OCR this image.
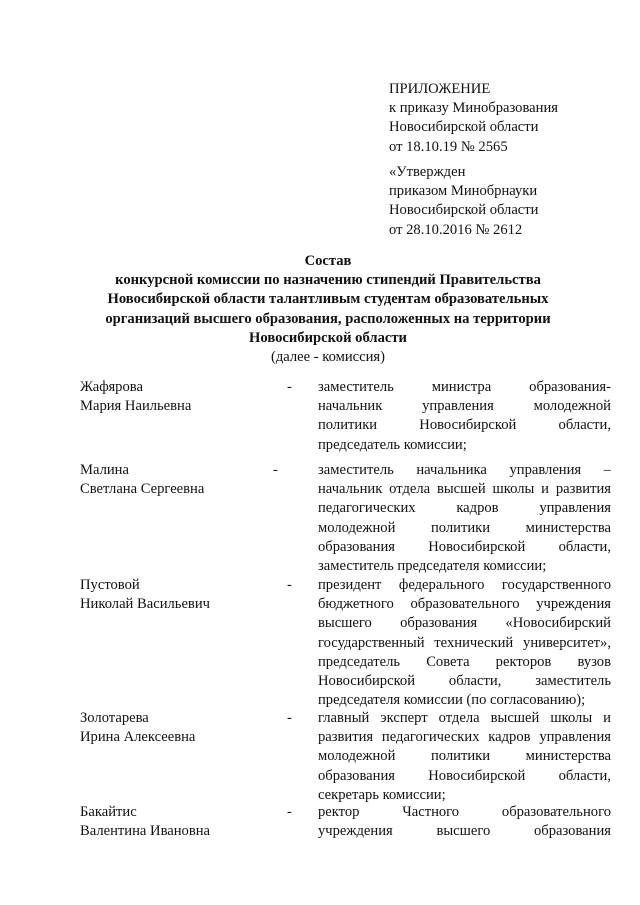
ПРИЛОЖЕНИЕ
к приказу Минобразования
Новосибирской области
от 18.10.19 № 2565
«Утвержден
приказом Минобрнауки
Новосибирской области
от 28.10.2016 № 2612
Состав
конкурсной комиссии по назначению стипендий Правительства
Новосибирской области талантливым студентам образовательных
организаций высшего образования, расположенных на территории
Новосибирской области
(далее - комиссия)
Жафярова
Мария Наильевна
- заместитель министра образования-
начальник управления молодежной
политики Новосибирской области,
председатель комиссии;
Малина
Светлана Сергеевна
-	заместитель начальника управления –
начальник отдела высшей школы и развития
педагогических кадров управления
молодежной политики министерства
образования Новосибирской области,
заместитель председателя комиссии;
Пустовой
Николай Васильевич
- президент федерального государственного
бюджетного образовательного учреждения
высшего образования «Новосибирский
государственный технический университет»,
председатель Совета ректоров вузов
Новосибирской области, заместитель
председателя комиссии (по согласованию);
Золотарева
Ирина Алексеевна
- главный эксперт отдела высшей школы и
развития педагогических кадров управления
молодежной политики министерства
образования Новосибирской области,
секретарь комиссии;
Бакайтис
Валентина Ивановна
- ректор Частного образовательного
учреждения высшего образования
